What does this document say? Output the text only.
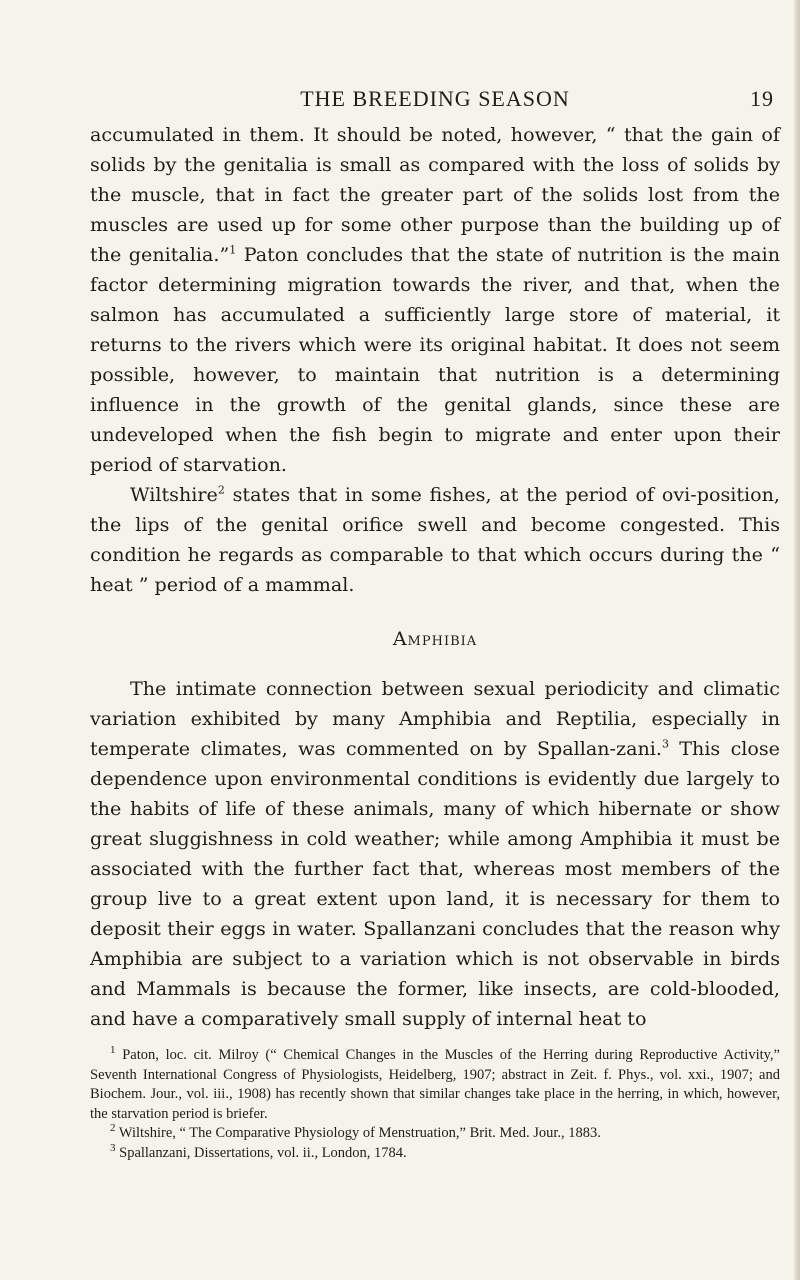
THE BREEDING SEASON	19

accumulated in them. It should be noted, however, “ that the gain of solids by the genitalia is small as compared with the loss of solids by the muscle, that in fact the greater part of the solids lost from the muscles are used up for some other purpose than the building up of the genitalia.”$^1$ Paton concludes that the state of nutrition is the main factor determining migration towards the river, and that, when the salmon has accumulated a sufficiently large store of material, it returns to the rivers which were its original habitat. It does not seem possible, however, to maintain that nutrition is a determining influence in the growth of the genital glands, since these are undeveloped when the fish begin to migrate and enter upon their period of starvation.

Wiltshire$^2$ states that in some fishes, at the period of ovi-position, the lips of the genital orifice swell and become congested. This condition he regards as comparable to that which occurs during the “ heat ” period of a mammal.

Amphibia

The intimate connection between sexual periodicity and climatic variation exhibited by many Amphibia and Reptilia, especially in temperate climates, was commented on by Spallan-zani.$^3$ This close dependence upon environmental conditions is evidently due largely to the habits of life of these animals, many of which hibernate or show great sluggishness in cold weather; while among Amphibia it must be associated with the further fact that, whereas most members of the group live to a great extent upon land, it is necessary for them to deposit their eggs in water. Spallanzani concludes that the reason why Amphibia are subject to a variation which is not observable in birds and Mammals is because the former, like insects, are cold-blooded, and have a comparatively small supply of internal heat to

$^1$ Paton, loc. cit. Milroy (“ Chemical Changes in the Muscles of the Herring during Reproductive Activity,” Seventh International Congress of Physiologists, Heidelberg, 1907; abstract in Zeit. f. Phys., vol. xxi., 1907; and Biochem. Jour., vol. iii., 1908) has recently shown that similar changes take place in the herring, in which, however, the starvation period is briefer.

$^2$ Wiltshire, “ The Comparative Physiology of Menstruation,” Brit. Med. Jour., 1883.

$^3$ Spallanzani, Dissertations, vol. ii., London, 1784.
